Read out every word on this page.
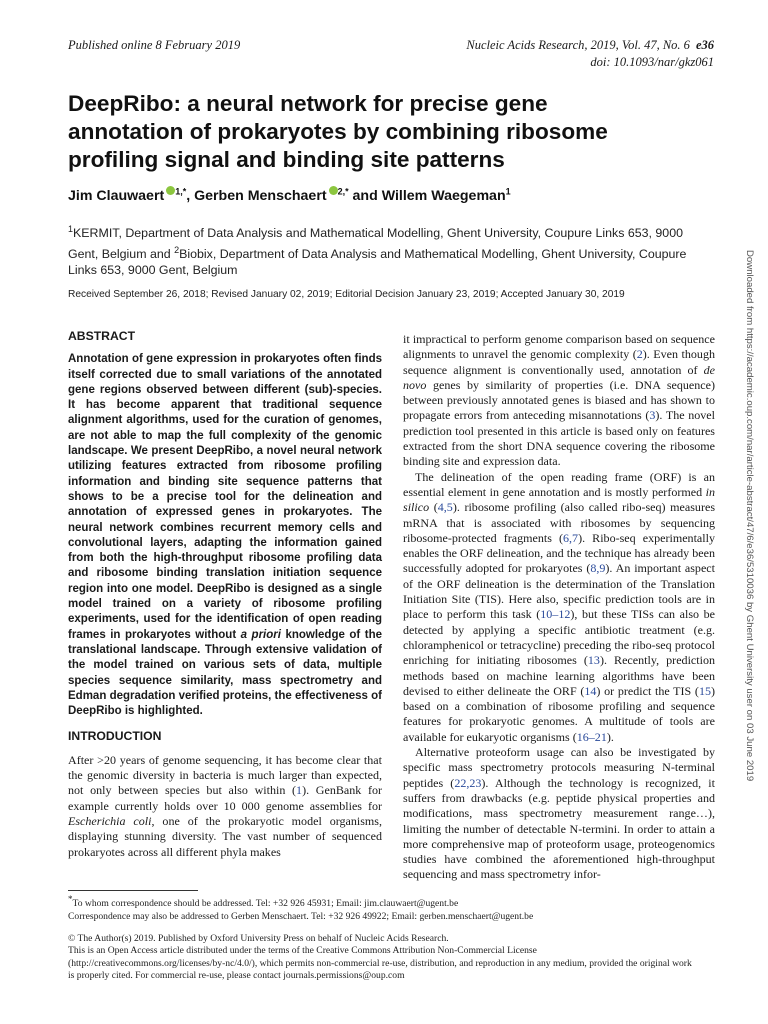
Published online 8 February 2019	Nucleic Acids Research, 2019, Vol. 47, No. 6 e36
doi: 10.1093/nar/gkz061
DeepRibo: a neural network for precise gene annotation of prokaryotes by combining ribosome profiling signal and binding site patterns
Jim Clauwaert $^{1,*}$, Gerben Menschaert $^{2,*}$ and Willem Waegeman$^1$

$^1$KERMIT, Department of Data Analysis and Mathematical Modelling, Ghent University, Coupure Links 653, 9000 Gent, Belgium and $^2$Biobix, Department of Data Analysis and Mathematical Modelling, Ghent University, Coupure Links 653, 9000 Gent, Belgium

Received September 26, 2018; Revised January 02, 2019; Editorial Decision January 23, 2019; Accepted January 30, 2019	Downloaded from https://academic.oup.com/nar/article-abstract/47/6/e36/5310036 by Ghent University user on 03 June 2019

ABSTRACT

Annotation of gene expression in prokaryotes often finds itself corrected due to small variations of the annotated gene regions observed between different (sub)-species. It has become apparent that traditional sequence alignment algorithms, used for the curation of genomes, are not able to map the full complexity of the genomic landscape. We present DeepRibo, a novel neural network utilizing features extracted from ribosome profiling information and binding site sequence patterns that shows to be a precise tool for the delineation and annotation of expressed genes in prokaryotes. The neural network combines recurrent memory cells and convolutional layers, adapting the information gained from both the high-throughput ribosome profiling data and ribosome binding translation initiation sequence region into one model. DeepRibo is designed as a single model trained on a variety of ribosome profiling experiments, used for the identification of open reading frames in prokaryotes without a priori knowledge of the translational landscape. Through extensive validation of the model trained on various sets of data, multiple species sequence similarity, mass spectrometry and Edman degradation verified proteins, the effectiveness of DeepRibo is highlighted.

INTRODUCTION

After >20 years of genome sequencing, it has become clear that the genomic diversity in bacteria is much larger than expected, not only between species but also within (1). GenBank for example currently holds over 10 000 genome assemblies for Escherichia coli, one of the prokaryotic model organisms, displaying stunning diversity. The vast number of sequenced prokaryotes across all different phyla makes

it impractical to perform genome comparison based on sequence alignments to unravel the genomic complexity (2). Even though sequence alignment is conventionally used, annotation of de novo genes by similarity of properties (i.e. DNA sequence) between previously annotated genes is biased and has shown to propagate errors from anteceding misannotations (3). The novel prediction tool presented in this article is based only on features extracted from the short DNA sequence covering the ribosome binding site and expression data.

The delineation of the open reading frame (ORF) is an essential element in gene annotation and is mostly performed in silico (4,5). ribosome profiling (also called ribo-seq) measures mRNA that is associated with ribosomes by sequencing ribosome-protected fragments (6,7). Ribo-seq experimentally enables the ORF delineation, and the technique has already been successfully adopted for prokaryotes (8,9). An important aspect of the ORF delineation is the determination of the Translation Initiation Site (TIS). Here also, specific prediction tools are in place to perform this task (10–12), but these TISs can also be detected by applying a specific antibiotic treatment (e.g. chloramphenicol or tetracycline) preceding the ribo-seq protocol enriching for initiating ribosomes (13). Recently, prediction methods based on machine learning algorithms have been devised to either delineate the ORF (14) or predict the TIS (15) based on a combination of ribosome profiling and sequence features for prokaryotic genomes. A multitude of tools are available for eukaryotic organisms (16–21).

Alternative proteoform usage can also be investigated by specific mass spectrometry protocols measuring N-terminal peptides (22,23). Although the technology is recognized, it suffers from drawbacks (e.g. peptide physical properties and modifications, mass spectrometry measurement range…), limiting the number of detectable N-termini. In order to attain a more comprehensive map of proteoform usage, proteogenomics studies have combined the aforementioned high-throughput sequencing and mass spectrometry infor-

*To whom correspondence should be addressed. Tel: +32 926 45931; Email: jim.clauwaert@ugent.be

Correspondence may also be addressed to Gerben Menschaert. Tel: +32 926 49922; Email: gerben.menschaert@ugent.be

© The Author(s) 2019. Published by Oxford University Press on behalf of Nucleic Acids Research.

This is an Open Access article distributed under the terms of the Creative Commons Attribution Non-Commercial License

(http://creativecommons.org/licenses/by-nc/4.0/), which permits non-commercial re-use, distribution, and reproduction in any medium, provided the original work

is properly cited. For commercial re-use, please contact journals.permissions@oup.com
